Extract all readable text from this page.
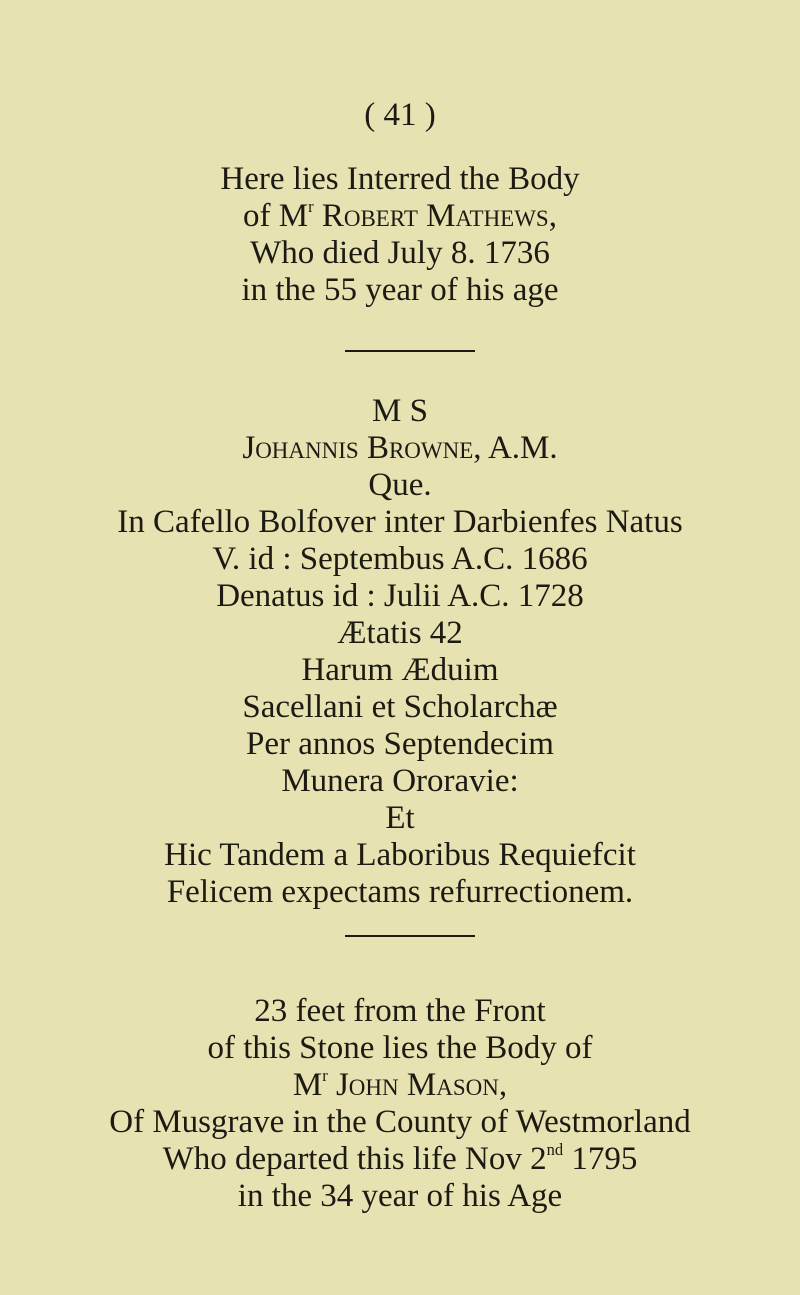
( 41 )
Here lies Interred the Body
of $M^r$ Robert Mathews,
Who died July 8. 1736
in the 55 year of his age
M S
Johannis Browne, A.M.
Que.
In Cafello Bolfover inter Darbienfes Natus
V. id : Septembus A.C. 1686
Denatus id : Julii A.C. 1728
Ætatis 42
Harum Æduim
Sacellani et Scholarchæ
Per annos Septendecim
Munera Ororavie:
Et
Hic Tandem a Laboribus Requiefcit
Felicem expectams refurrectionem.
23 feet from the Front
of this Stone lies the Body of
$M^r$ John Mason,
Of Musgrave in the County of Westmorland
Who departed this life Nov 2nd 1795
in the 34 year of his Age
